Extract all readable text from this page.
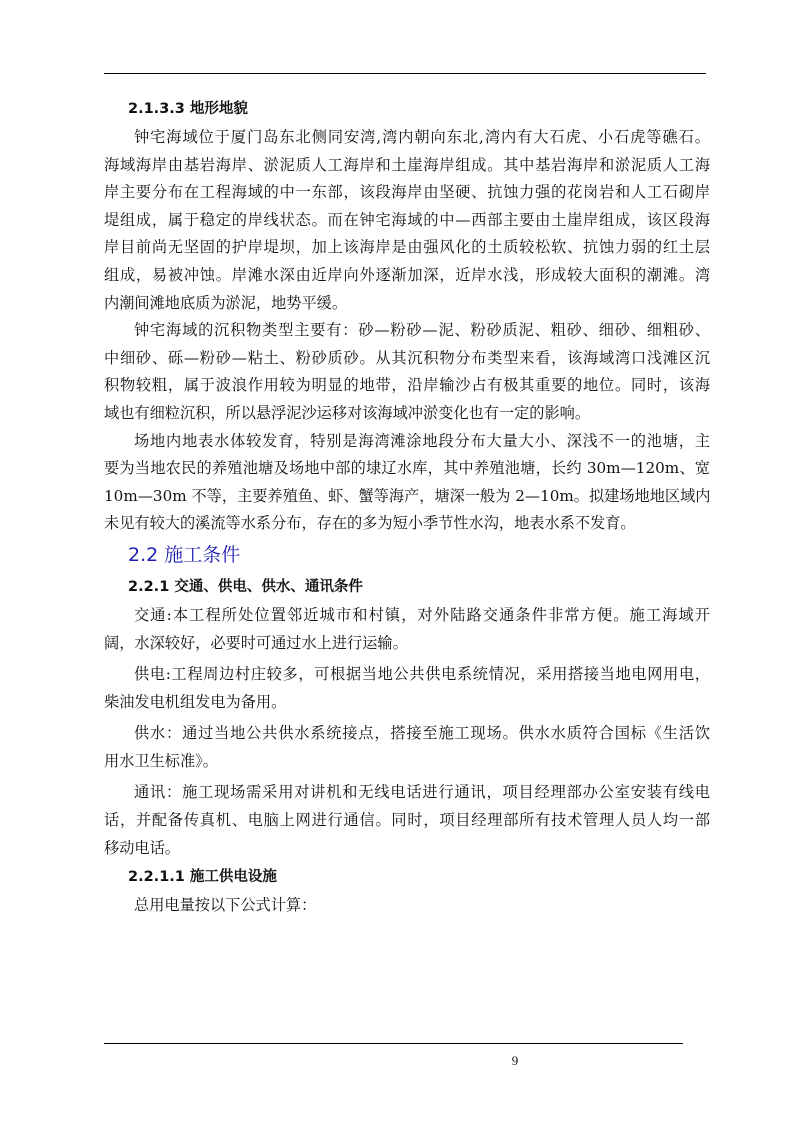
2.1.3.3 地形地貌
钟宅海域位于厦门岛东北侧同安湾,湾内朝向东北,湾内有大石虎、小石虎等礁石。
海域海岸由基岩海岸、淤泥质人工海岸和土崖海岸组成。其中基岩海岸和淤泥质人工海
岸主要分布在工程海域的中一东部，该段海岸由坚硬、抗蚀力强的花岗岩和人工石砌岸
堤组成，属于稳定的岸线状态。而在钟宅海域的中—西部主要由土崖岸组成，该区段海
岸目前尚无坚固的护岸堤坝，加上该海岸是由强风化的土质较松软、抗蚀力弱的红土层
组成，易被冲蚀。岸滩水深由近岸向外逐渐加深，近岸水浅，形成较大面积的潮滩。湾
内潮间滩地底质为淤泥，地势平缓。
钟宅海域的沉积物类型主要有：砂—粉砂—泥、粉砂质泥、粗砂、细砂、细粗砂、
中细砂、砾—粉砂—粘土、粉砂质砂。从其沉积物分布类型来看，该海域湾口浅滩区沉
积物较粗，属于波浪作用较为明显的地带，沿岸输沙占有极其重要的地位。同时，该海
域也有细粒沉积，所以悬浮泥沙运移对该海域冲淤变化也有一定的影响。
场地内地表水体较发育，特别是海湾滩涂地段分布大量大小、深浅不一的池塘，主
要为当地农民的养殖池塘及场地中部的埭辽水库，其中养殖池塘，长约 30m—120m、宽
10m—30m 不等，主要养殖鱼、虾、蟹等海产，塘深一般为 2—10m。拟建场地地区域内
未见有较大的溪流等水系分布，存在的多为短小季节性水沟，地表水系不发育。
2.2 施工条件
2.2.1 交通、供电、供水、通讯条件
交通:本工程所处位置邻近城市和村镇，对外陆路交通条件非常方便。施工海域开
阔，水深较好，必要时可通过水上进行运输。
供电:工程周边村庄较多，可根据当地公共供电系统情况，采用搭接当地电网用电，
柴油发电机组发电为备用。
供水：通过当地公共供水系统接点，搭接至施工现场。供水水质符合国标《生活饮
用水卫生标准》。
通讯：施工现场需采用对讲机和无线电话进行通讯，项目经理部办公室安装有线电
话，并配备传真机、电脑上网进行通信。同时，项目经理部所有技术管理人员人均一部
移动电话。
2.2.1.1 施工供电设施
总用电量按以下公式计算：
9
